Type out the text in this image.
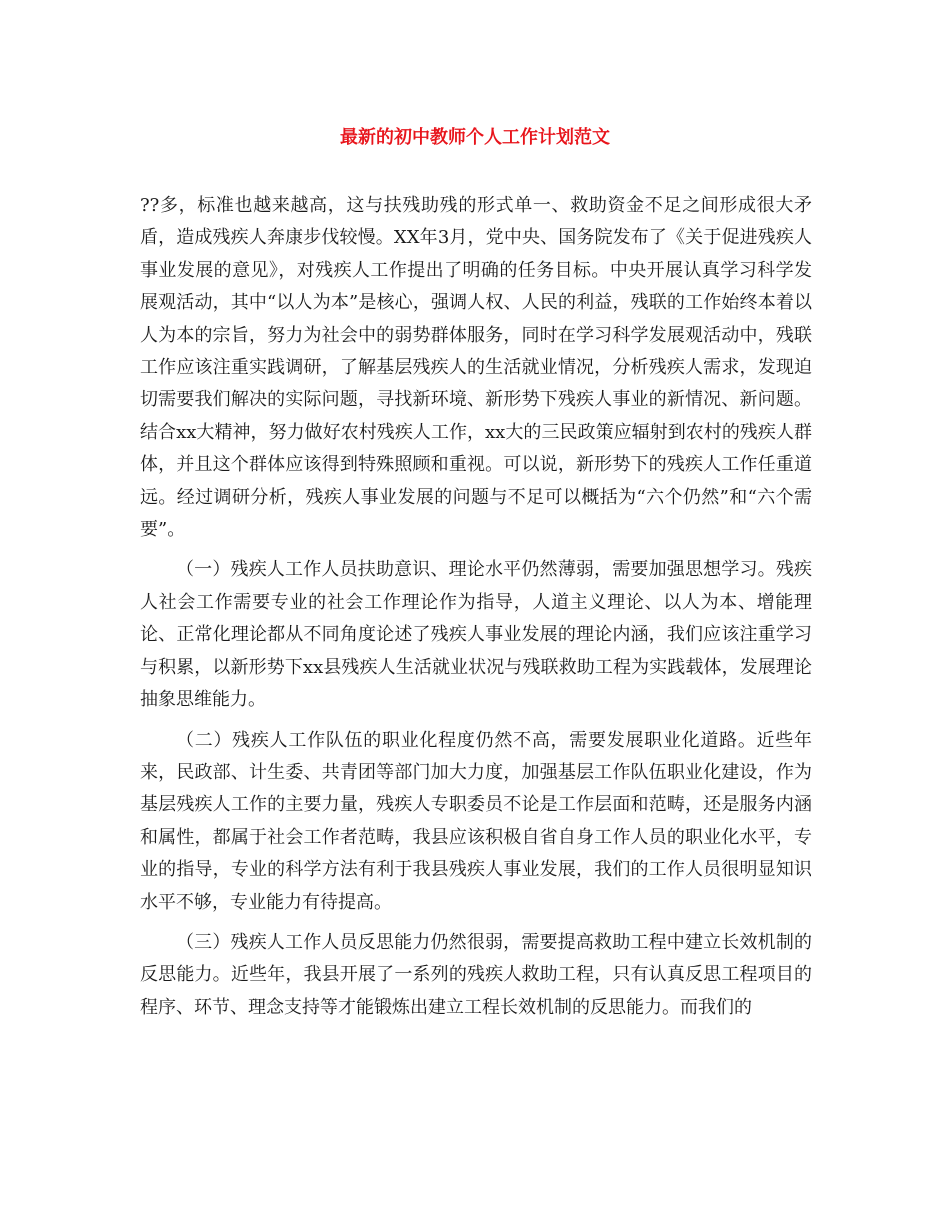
最新的初中教师个人工作计划范文

??多，标准也越来越高，这与扶残助残的形式单一、救助资金不足之间形成很大矛盾，造成残疾人奔康步伐较慢。XX年3月，党中央、国务院发布了《关于促进残疾人事业发展的意见》，对残疾人工作提出了明确的任务目标。中央开展认真学习科学发展观活动，其中“以人为本”是核心，强调人权、人民的利益，残联的工作始终本着以人为本的宗旨，努力为社会中的弱势群体服务，同时在学习科学发展观活动中，残联工作应该注重实践调研，了解基层残疾人的生活就业情况，分析残疾人需求，发现迫切需要我们解决的实际问题，寻找新环境、新形势下残疾人事业的新情况、新问题。结合xx大精神，努力做好农村残疾人工作，xx大的三民政策应辐射到农村的残疾人群体，并且这个群体应该得到特殊照顾和重视。可以说，新形势下的残疾人工作任重道远。经过调研分析，残疾人事业发展的问题与不足可以概括为“六个仍然”和“六个需要”。

（一）残疾人工作人员扶助意识、理论水平仍然薄弱，需要加强思想学习。残疾人社会工作需要专业的社会工作理论作为指导，人道主义理论、以人为本、增能理论、正常化理论都从不同角度论述了残疾人事业发展的理论内涵，我们应该注重学习与积累，以新形势下xx县残疾人生活就业状况与残联救助工程为实践载体，发展理论抽象思维能力。

（二）残疾人工作队伍的职业化程度仍然不高，需要发展职业化道路。近些年来，民政部、计生委、共青团等部门加大力度，加强基层工作队伍职业化建设，作为基层残疾人工作的主要力量，残疾人专职委员不论是工作层面和范畴，还是服务内涵和属性，都属于社会工作者范畴，我县应该积极自省自身工作人员的职业化水平，专业的指导，专业的科学方法有利于我县残疾人事业发展，我们的工作人员很明显知识水平不够，专业能力有待提高。

（三）残疾人工作人员反思能力仍然很弱，需要提高救助工程中建立长效机制的反思能力。近些年，我县开展了一系列的残疾人救助工程，只有认真反思工程项目的程序、环节、理念支持等才能锻炼出建立工程长效机制的反思能力。而我们的
